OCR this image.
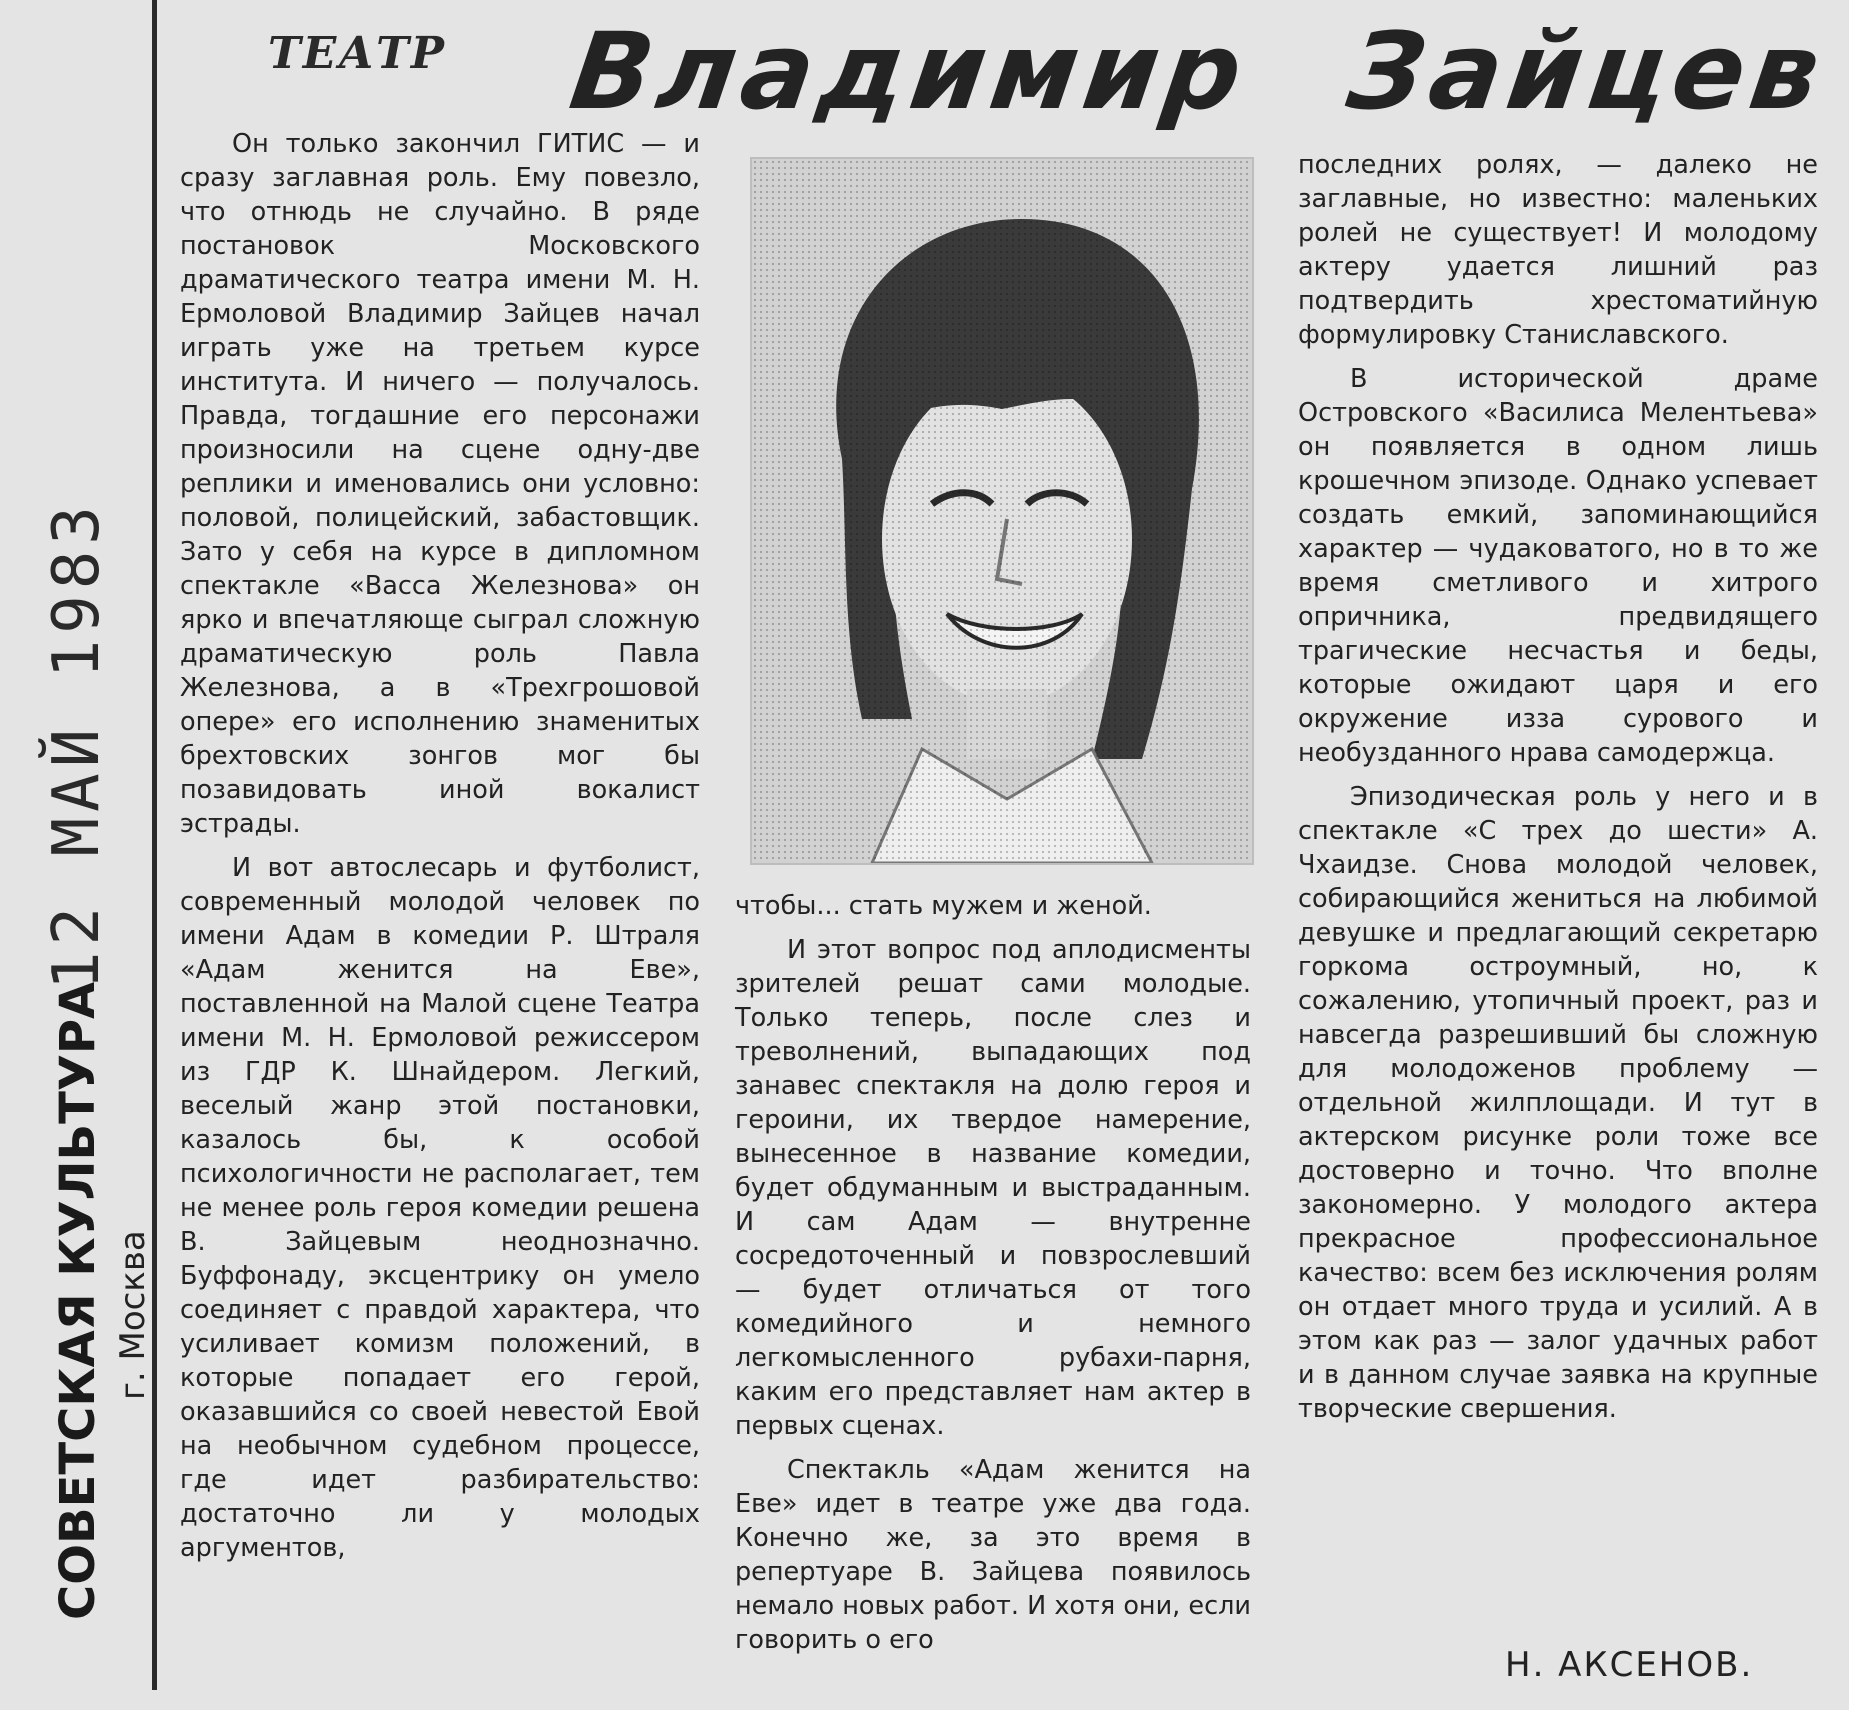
12 МАЙ 1983
СОВЕТСКАЯ КУЛЬТУРА г. Москва
ТЕАТР Владимир Зайцев

Он только закончил ГИТИС — и сразу заглавная роль. Ему повезло, что отнюдь не случайно. В ряде постановок Московского драматического театра имени М. Н. Ермоловой Владимир Зайцев начал играть уже на третьем курсе института. И ничего — получалось. Правда, тогдашние его персонажи произносили на сцене одну-две реплики и именовались они условно: половой, полицейский, забастовщик. Зато у себя на курсе в дипломном спектакле «Васса Железнова» он ярко и впечатляюще сыграл сложную драматическую роль Павла Железнова, а в «Трехгрошовой опере» его исполнению знаменитых брехтовских зонгов мог бы позавидовать иной вокалист эстрады.

И вот автослесарь и футболист, современный молодой человек по имени Адам в комедии Р. Штраля «Адам женится на Еве», поставленной на Малой сцене Театра имени М. Н. Ермоловой режиссером из ГДР К. Шнайдером. Легкий, веселый жанр этой постановки, казалось бы, к особой психологичности не располагает, тем не менее роль героя комедии решена В. Зайцевым неоднозначно. Буффонаду, эксцентрику он умело соединяет с правдой характера, что усиливает комизм положений, в которые попадает его герой, оказавшийся со своей невестой Евой на необычном судебном процессе, где идет разбирательство: достаточно ли у молодых аргументов,

чтобы... стать мужем и женой.

И этот вопрос под аплодисменты зрителей решат сами молодые. Только теперь, после слез и треволнений, выпадающих под занавес спектакля на долю героя и героини, их твердое намерение, вынесенное в название комедии, будет обдуманным и выстраданным. И сам Адам — внутренне сосредоточенный и повзрослевший — будет отличаться от того комедийного и немного легкомысленного рубахи-парня, каким его представляет нам актер в первых сценах.

Спектакль «Адам женится на Еве» идет в театре уже два года. Конечно же, за это время в репертуаре В. Зайцева появилось немало новых работ. И хотя они, если говорить о его

последних ролях, — далеко не заглавные, но известно: маленьких ролей не существует! И молодому актеру удается лишний раз подтвердить хрестоматийную формулировку Станиславского.

В исторической драме Островского «Василиса Мелентьева» он появляется в одном лишь крошечном эпизоде. Однако успевает создать емкий, запоминающийся характер — чудаковатого, но в то же время сметливого и хитрого опричника, предвидящего трагические несчастья и беды, которые ожидают царя и его окружение изза сурового и необузданного нрава самодержца.

Эпизодическая роль у него и в спектакле «С трех до шести» А. Чхаидзе. Снова молодой человек, собирающийся жениться на любимой девушке и предлагающий секретарю горкома остроумный, но, к сожалению, утопичный проект, раз и навсегда разрешивший бы сложную для молодоженов проблему — отдельной жилплощади. И тут в актерском рисунке роли тоже все достоверно и точно. Что вполне закономерно. У молодого актера прекрасное профессиональное качество: всем без исключения ролям он отдает много труда и усилий. А в этом как раз — залог удачных работ и в данном случае заявка на крупные творческие свершения.

Н. АКСЕНОВ.
